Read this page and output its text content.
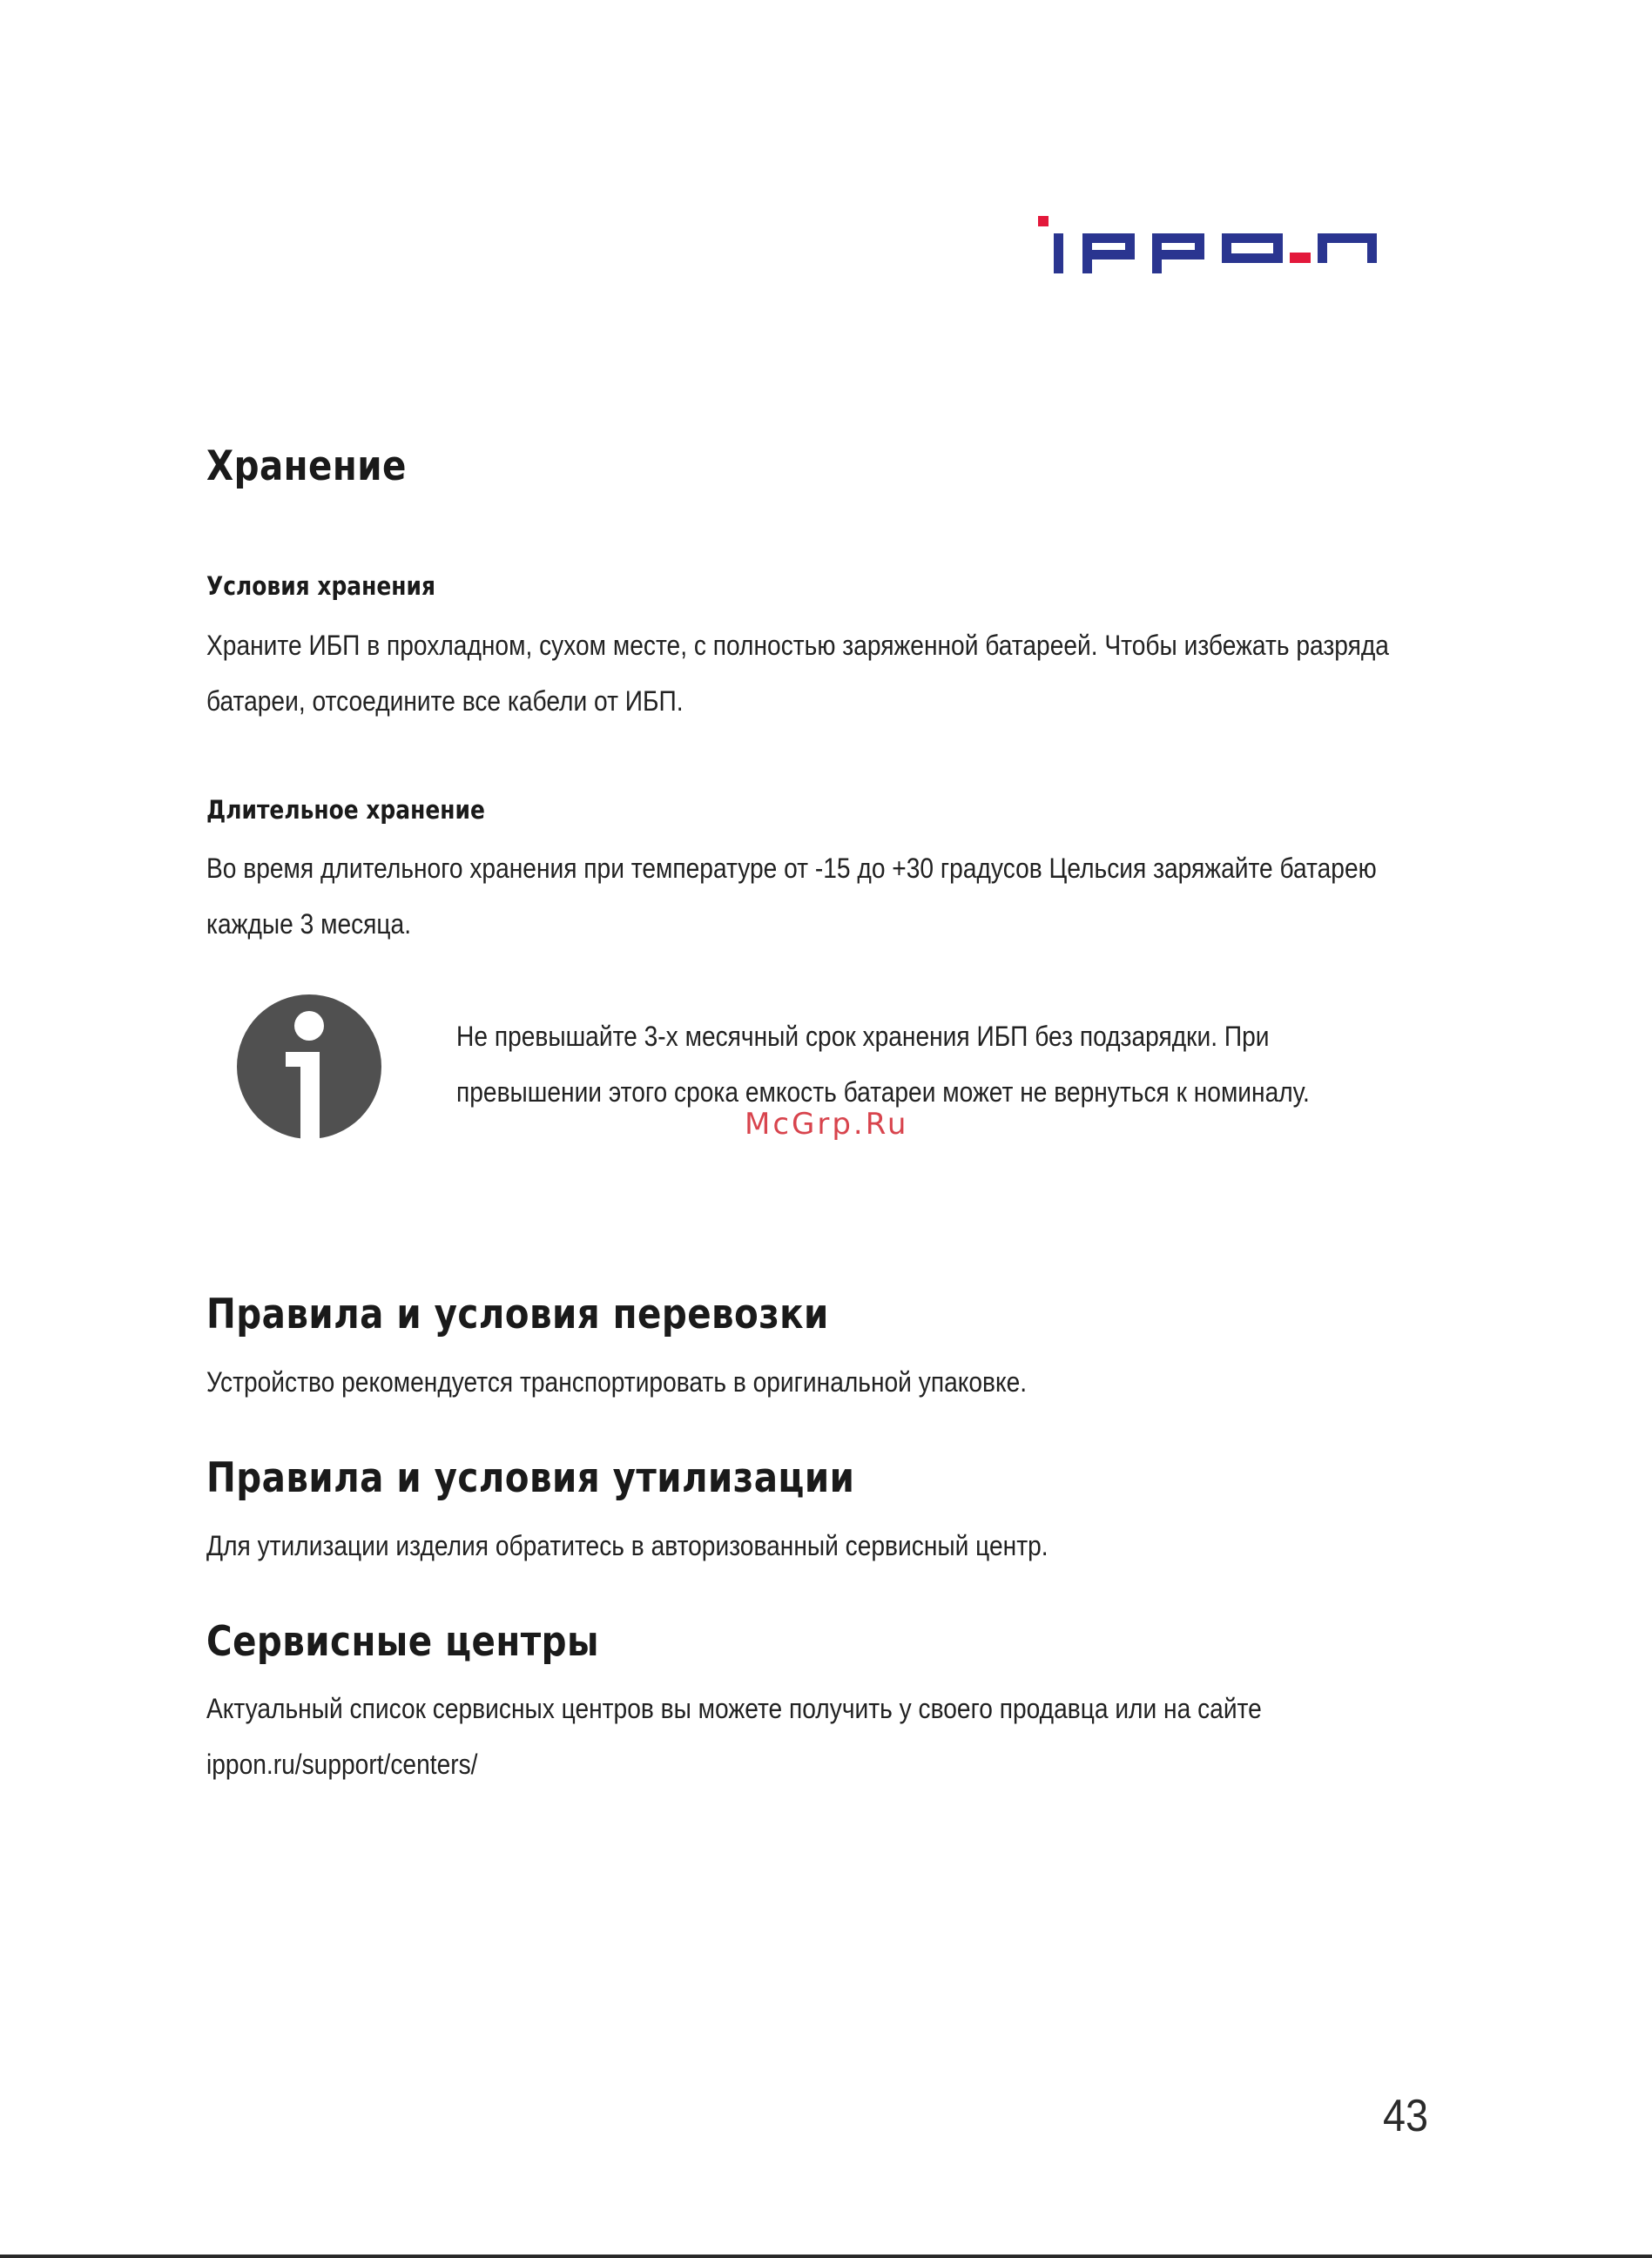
Хранение
Условия хранения

Храните ИБП в прохладном, сухом месте, с полностью заряженной батареей. Чтобы избежать разряда батареи, отсоедините все кабели от ИБП.

Длительное хранение

Во время длительного хранения при температуре от -15 до +30 градусов Цельсия заряжайте батарею каждые 3 месяца.

Не превышайте 3-х месячный срок хранения ИБП без подзарядки. При превышении этого срока емкость батареи может не вернуться к номиналу.

McGrp.Ru
Правила и условия перевозки

Устройство рекомендуется транспортировать в оригинальной упаковке.

Правила и условия утилизации

Для утилизации изделия обратитесь в авторизованный сервисный центр.

Сервисные центры

Актуальный список сервисных центров вы можете получить у своего продавца или на сайте
ippon.ru/support/centers/

43
